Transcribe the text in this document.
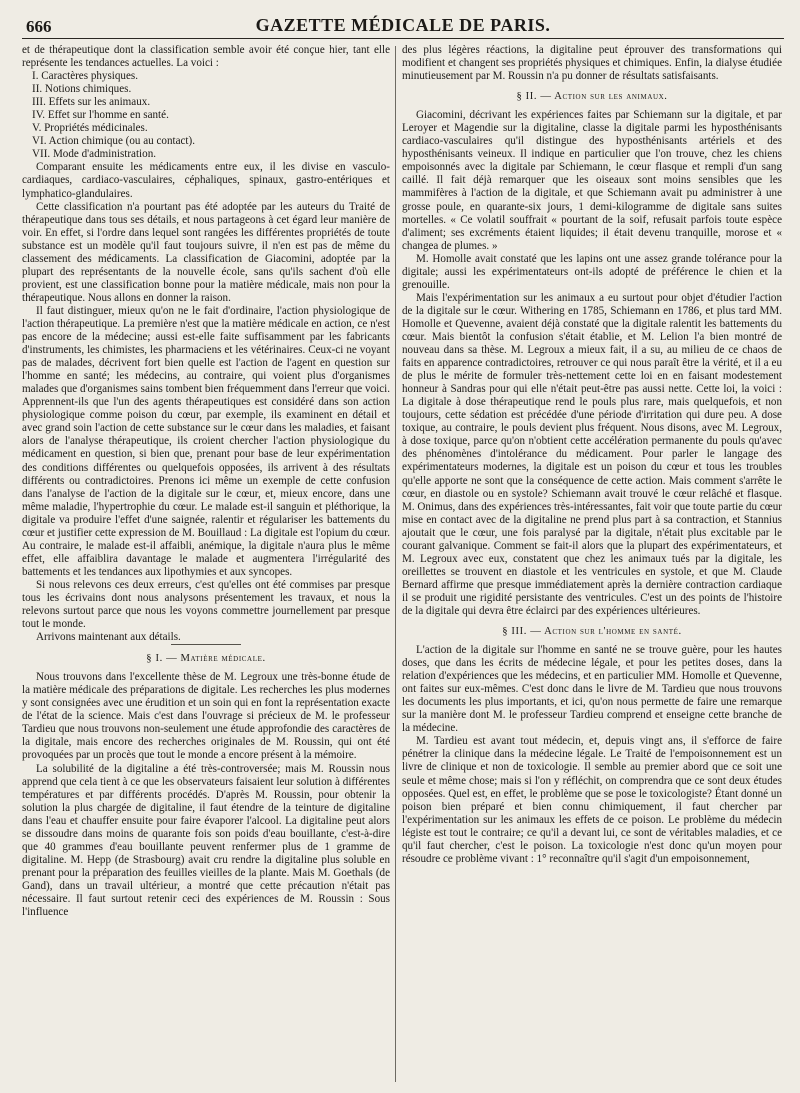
666	GAZETTE MÉDICALE DE PARIS.

et de thérapeutique dont la classification semble avoir été conçue hier, tant elle représente les tendances actuelles. La voici :

I. Caractères physiques.
II. Notions chimiques.
III. Effets sur les animaux.
IV. Effet sur l'homme en santé.
V. Propriétés médicinales.
VI. Action chimique (ou au contact).
VII. Mode d'administration.

Comparant ensuite les médicaments entre eux, il les divise en vasculo-cardiaques, cardiaco-vasculaires, céphaliques, spinaux, gastro-entériques et lymphatico-glandulaires.

Cette classification n'a pourtant pas été adoptée par les auteurs du Traité de thérapeutique dans tous ses détails, et nous partageons à cet égard leur manière de voir. En effet, si l'ordre dans lequel sont rangées les différentes propriétés de toute substance est un modèle qu'il faut toujours suivre, il n'en est pas de même du classement des médicaments. La classification de Giacomini, adoptée par la plupart des représentants de la nouvelle école, sans qu'ils sachent d'où elle provient, est une classification bonne pour la matière médicale, mais non pour la thérapeutique. Nous allons en donner la raison.

Il faut distinguer, mieux qu'on ne le fait d'ordinaire, l'action physiologique de l'action thérapeutique. La première n'est que la matière médicale en action, ce n'est pas encore de la médecine; aussi est-elle faite suffisamment par les fabricants d'instruments, les chimistes, les pharmaciens et les vétérinaires. Ceux-ci ne voyant pas de malades, décrivent fort bien quelle est l'action de l'agent en question sur l'homme en santé; les médecins, au contraire, qui voient plus d'organismes malades que d'organismes sains tombent bien fréquemment dans l'erreur que voici. Apprennent-ils que l'un des agents thérapeutiques est considéré dans son action physiologique comme poison du cœur, par exemple, ils examinent en détail et avec grand soin l'action de cette substance sur le cœur dans les maladies, et faisant alors de l'analyse thérapeutique, ils croient chercher l'action physiologique du médicament en question, si bien que, prenant pour base de leur expérimentation des conditions différentes ou quelquefois opposées, ils arrivent à des résultats différents ou contradictoires. Prenons ici même un exemple de cette confusion dans l'analyse de l'action de la digitale sur le cœur, et, mieux encore, dans une même maladie, l'hypertrophie du cœur. Le malade est-il sanguin et pléthorique, la digitale va produire l'effet d'une saignée, ralentir et régulariser les battements du cœur et justifier cette expression de M. Bouillaud : La digitale est l'opium du cœur. Au contraire, le malade est-il affaibli, anémique, la digitale n'aura plus le même effet, elle affaiblira davantage le malade et augmentera l'irrégularité des battements et les tendances aux lipothymies et aux syncopes.

Si nous relevons ces deux erreurs, c'est qu'elles ont été commises par presque tous les écrivains dont nous analysons présentement les travaux, et nous la relevons surtout parce que nous les voyons commettre journellement par presque tout le monde.

Arrivons maintenant aux détails.

§ I. — Matière médicale.

Nous trouvons dans l'excellente thèse de M. Legroux une très-bonne étude de la matière médicale des préparations de digitale. Les recherches les plus modernes y sont consignées avec une érudition et un soin qui en font la représentation exacte de l'état de la science. Mais c'est dans l'ouvrage si précieux de M. le professeur Tardieu que nous trouvons non-seulement une étude approfondie des caractères de la digitale, mais encore des recherches originales de M. Roussin, qui ont été provoquées par un procès que tout le monde a encore présent à la mémoire.

La solubilité de la digitaline a été très-controversée; mais M. Roussin nous apprend que cela tient à ce que les observateurs faisaient leur solution à différentes températures et par différents procédés. D'après M. Roussin, pour obtenir la solution la plus chargée de digitaline, il faut étendre de la teinture de digitaline dans l'eau et chauffer ensuite pour faire évaporer l'alcool. La digitaline peut alors se dissoudre dans moins de quarante fois son poids d'eau bouillante, c'est-à-dire que 40 grammes d'eau bouillante peuvent renfermer plus de 1 gramme de digitaline. M. Hepp (de Strasbourg) avait cru rendre la digitaline plus soluble en prenant pour la préparation des feuilles vieilles de la plante. Mais M. Goethals (de Gand), dans un travail ultérieur, a montré que cette précaution n'était pas nécessaire. Il faut surtout retenir ceci des expériences de M. Roussin : Sous l'influence

des plus légères réactions, la digitaline peut éprouver des transformations qui modifient et changent ses propriétés physiques et chimiques. Enfin, la dialyse étudiée minutieusement par M. Roussin n'a pu donner de résultats satisfaisants.

§ II. — Action sur les animaux.

Giacomini, décrivant les expériences faites par Schiemann sur la digitale, et par Leroyer et Magendie sur la digitaline, classe la digitale parmi les hyposthénisants cardiaco-vasculaires qu'il distingue des hyposthénisants artériels et des hyposthénisants veineux. Il indique en particulier que l'on trouve, chez les chiens empoisonnés avec la digitale par Schiemann, le cœur flasque et rempli d'un sang caillé. Il fait déjà remarquer que les oiseaux sont moins sensibles que les mammifères à l'action de la digitale, et que Schiemann avait pu administrer à une grosse poule, en quarante-six jours, 1 demi-kilogramme de digitale sans suites mortelles. « Ce volatil souffrait « pourtant de la soif, refusait parfois toute espèce d'aliment; ses excréments étaient liquides; il était devenu tranquille, morose et « changea de plumes. »

M. Homolle avait constaté que les lapins ont une assez grande tolérance pour la digitale; aussi les expérimentateurs ont-ils adopté de préférence le chien et la grenouille.

Mais l'expérimentation sur les animaux a eu surtout pour objet d'étudier l'action de la digitale sur le cœur. Withering en 1785, Schiemann en 1786, et plus tard MM. Homolle et Quevenne, avaient déjà constaté que la digitale ralentit les battements du cœur. Mais bientôt la confusion s'était établie, et M. Lelion l'a bien montré de nouveau dans sa thèse. M. Legroux a mieux fait, il a su, au milieu de ce chaos de faits en apparence contradictoires, retrouver ce qui nous paraît être la vérité, et il a eu de plus le mérite de formuler très-nettement cette loi en en faisant modestement honneur à Sandras pour qui elle n'était peut-être pas aussi nette. Cette loi, la voici : La digitale à dose thérapeutique rend le pouls plus rare, mais quelquefois, et non toujours, cette sédation est précédée d'une période d'irritation qui dure peu. A dose toxique, au contraire, le pouls devient plus fréquent. Nous disons, avec M. Legroux, à dose toxique, parce qu'on n'obtient cette accélération permanente du pouls qu'avec des phénomènes d'intolérance du médicament. Pour parler le langage des expérimentateurs modernes, la digitale est un poison du cœur et tous les troubles qu'elle apporte ne sont que la conséquence de cette action. Mais comment s'arrête le cœur, en diastole ou en systole? Schiemann avait trouvé le cœur relâché et flasque. M. Onimus, dans des expériences très-intéressantes, fait voir que toute partie du cœur mise en contact avec de la digitaline ne prend plus part à sa contraction, et Stannius ajoutait que le cœur, une fois paralysé par la digitale, n'était plus excitable par le courant galvanique. Comment se fait-il alors que la plupart des expérimentateurs, et M. Legroux avec eux, constatent que chez les animaux tués par la digitale, les oreillettes se trouvent en diastole et les ventricules en systole, et que M. Claude Bernard affirme que presque immédiatement après la dernière contraction cardiaque il se produit une rigidité persistante des ventricules. C'est un des points de l'histoire de la digitale qui devra être éclairci par des expériences ultérieures.

§ III. — Action sur l'homme en santé.

L'action de la digitale sur l'homme en santé ne se trouve guère, pour les hautes doses, que dans les écrits de médecine légale, et pour les petites doses, dans la relation d'expériences que les médecins, et en particulier MM. Homolle et Quevenne, ont faites sur eux-mêmes. C'est donc dans le livre de M. Tardieu que nous trouvons les documents les plus importants, et ici, qu'on nous permette de faire une remarque sur la manière dont M. le professeur Tardieu comprend et enseigne cette branche de la médecine.

M. Tardieu est avant tout médecin, et, depuis vingt ans, il s'efforce de faire pénétrer la clinique dans la médecine légale. Le Traité de l'empoisonnement est un livre de clinique et non de toxicologie. Il semble au premier abord que ce soit une seule et même chose; mais si l'on y réfléchit, on comprendra que ce sont deux études opposées. Quel est, en effet, le problème que se pose le toxicologiste? Étant donné un poison bien préparé et bien connu chimiquement, il faut chercher par l'expérimentation sur les animaux les effets de ce poison. Le problème du médecin légiste est tout le contraire; ce qu'il a devant lui, ce sont de véritables maladies, et ce qu'il faut chercher, c'est le poison. La toxicologie n'est donc qu'un moyen pour résoudre ce problème vivant : 1° reconnaître qu'il s'agit d'un empoisonnement,
